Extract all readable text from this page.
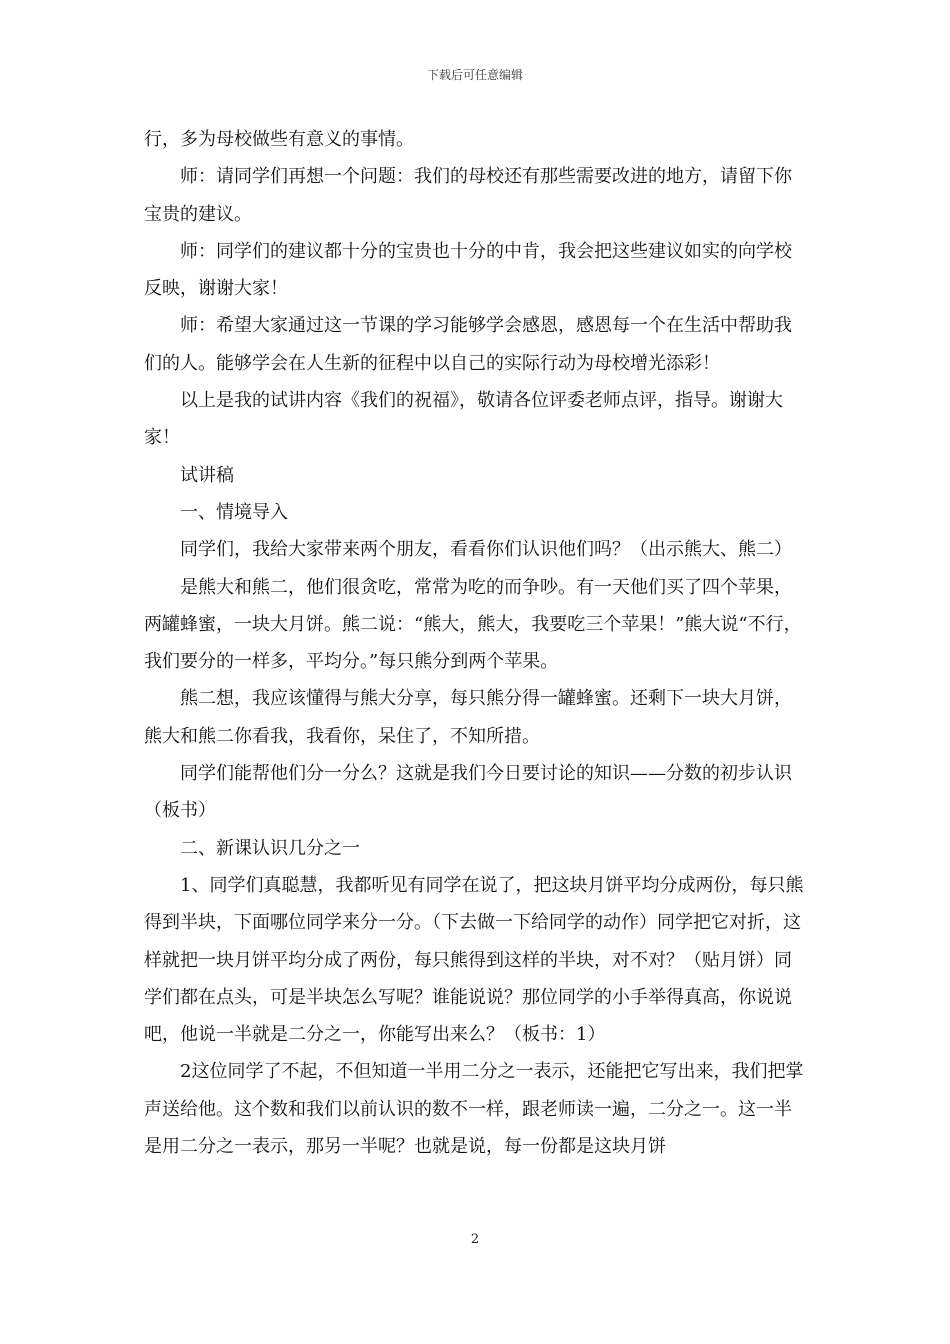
下载后可任意编辑

行，多为母校做些有意义的事情。

师：请同学们再想一个问题：我们的母校还有那些需要改进的地方，请留下你宝贵的建议。

师：同学们的建议都十分的宝贵也十分的中肯，我会把这些建议如实的向学校反映，谢谢大家！

师：希望大家通过这一节课的学习能够学会感恩，感恩每一个在生活中帮助我们的人。能够学会在人生新的征程中以自己的实际行动为母校增光添彩！

以上是我的试讲内容《我们的祝福》，敬请各位评委老师点评，指导。谢谢大家！

试讲稿

一、情境导入

同学们，我给大家带来两个朋友，看看你们认识他们吗？（出示熊大、熊二）

是熊大和熊二，他们很贪吃，常常为吃的而争吵。有一天他们买了四个苹果，两罐蜂蜜，一块大月饼。熊二说：“熊大，熊大，我要吃三个苹果！”熊大说“不行，我们要分的一样多，平均分。”每只熊分到两个苹果。

熊二想，我应该懂得与熊大分享，每只熊分得一罐蜂蜜。还剩下一块大月饼，熊大和熊二你看我，我看你，呆住了，不知所措。

同学们能帮他们分一分么？这就是我们今日要讨论的知识——分数的初步认识（板书）

二、新课认识几分之一

1、同学们真聪慧，我都听见有同学在说了，把这块月饼平均分成两份，每只熊得到半块，下面哪位同学来分一分。（下去做一下给同学的动作）同学把它对折，这样就把一块月饼平均分成了两份，每只熊得到这样的半块，对不对？（贴月饼）同学们都在点头，可是半块怎么写呢？谁能说说？那位同学的小手举得真高，你说说吧，他说一半就是二分之一，你能写出来么？（板书：1）

2这位同学了不起，不但知道一半用二分之一表示，还能把它写出来，我们把掌声送给他。这个数和我们以前认识的数不一样，跟老师读一遍，二分之一。这一半是用二分之一表示，那另一半呢？也就是说，每一份都是这块月饼

2
